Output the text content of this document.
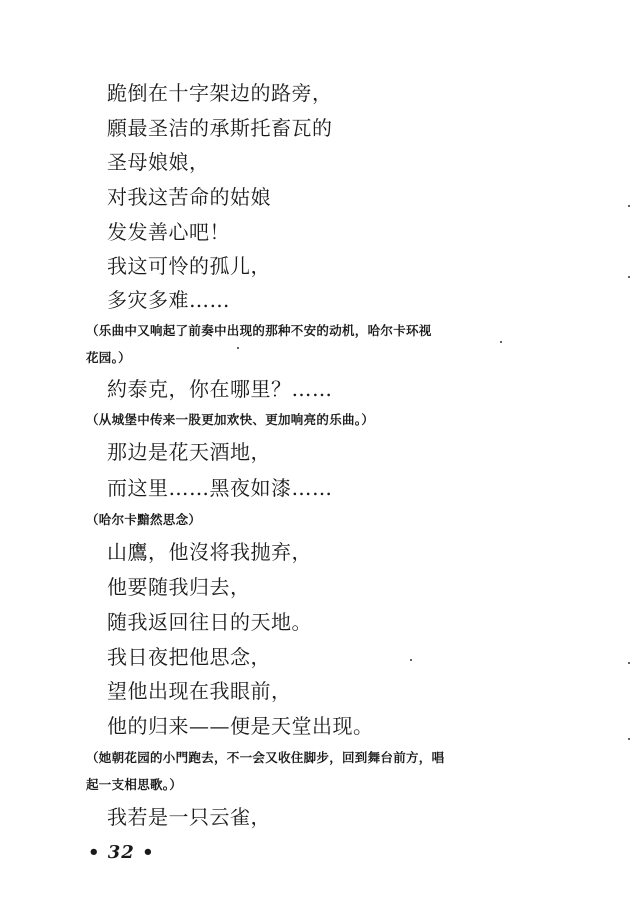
跪倒在十字架边的路旁，
願最圣洁的承斯托畜瓦的
圣母娘娘，
对我这苦命的姑娘
发发善心吧！
我这可怜的孤儿，
多灾多难……
（乐曲中又响起了前奏中出现的那种不安的动机，哈尔卡环视
花园。）
約泰克，你在哪里？……
（从城堡中传来一股更加欢快、更加响亮的乐曲。）
那边是花天酒地，
而这里……黑夜如漆……
（哈尔卡黯然思念）
山鷹，他沒将我抛弃，
他要随我归去，
随我返回往日的天地。
我日夜把他思念，
望他出现在我眼前，
他的归来——便是天堂出现。
（她朝花园的小門跑去，不一会又收住脚步，回到舞台前方，唱
起一支相思歌。）
我若是一只云雀，
• 32 •
